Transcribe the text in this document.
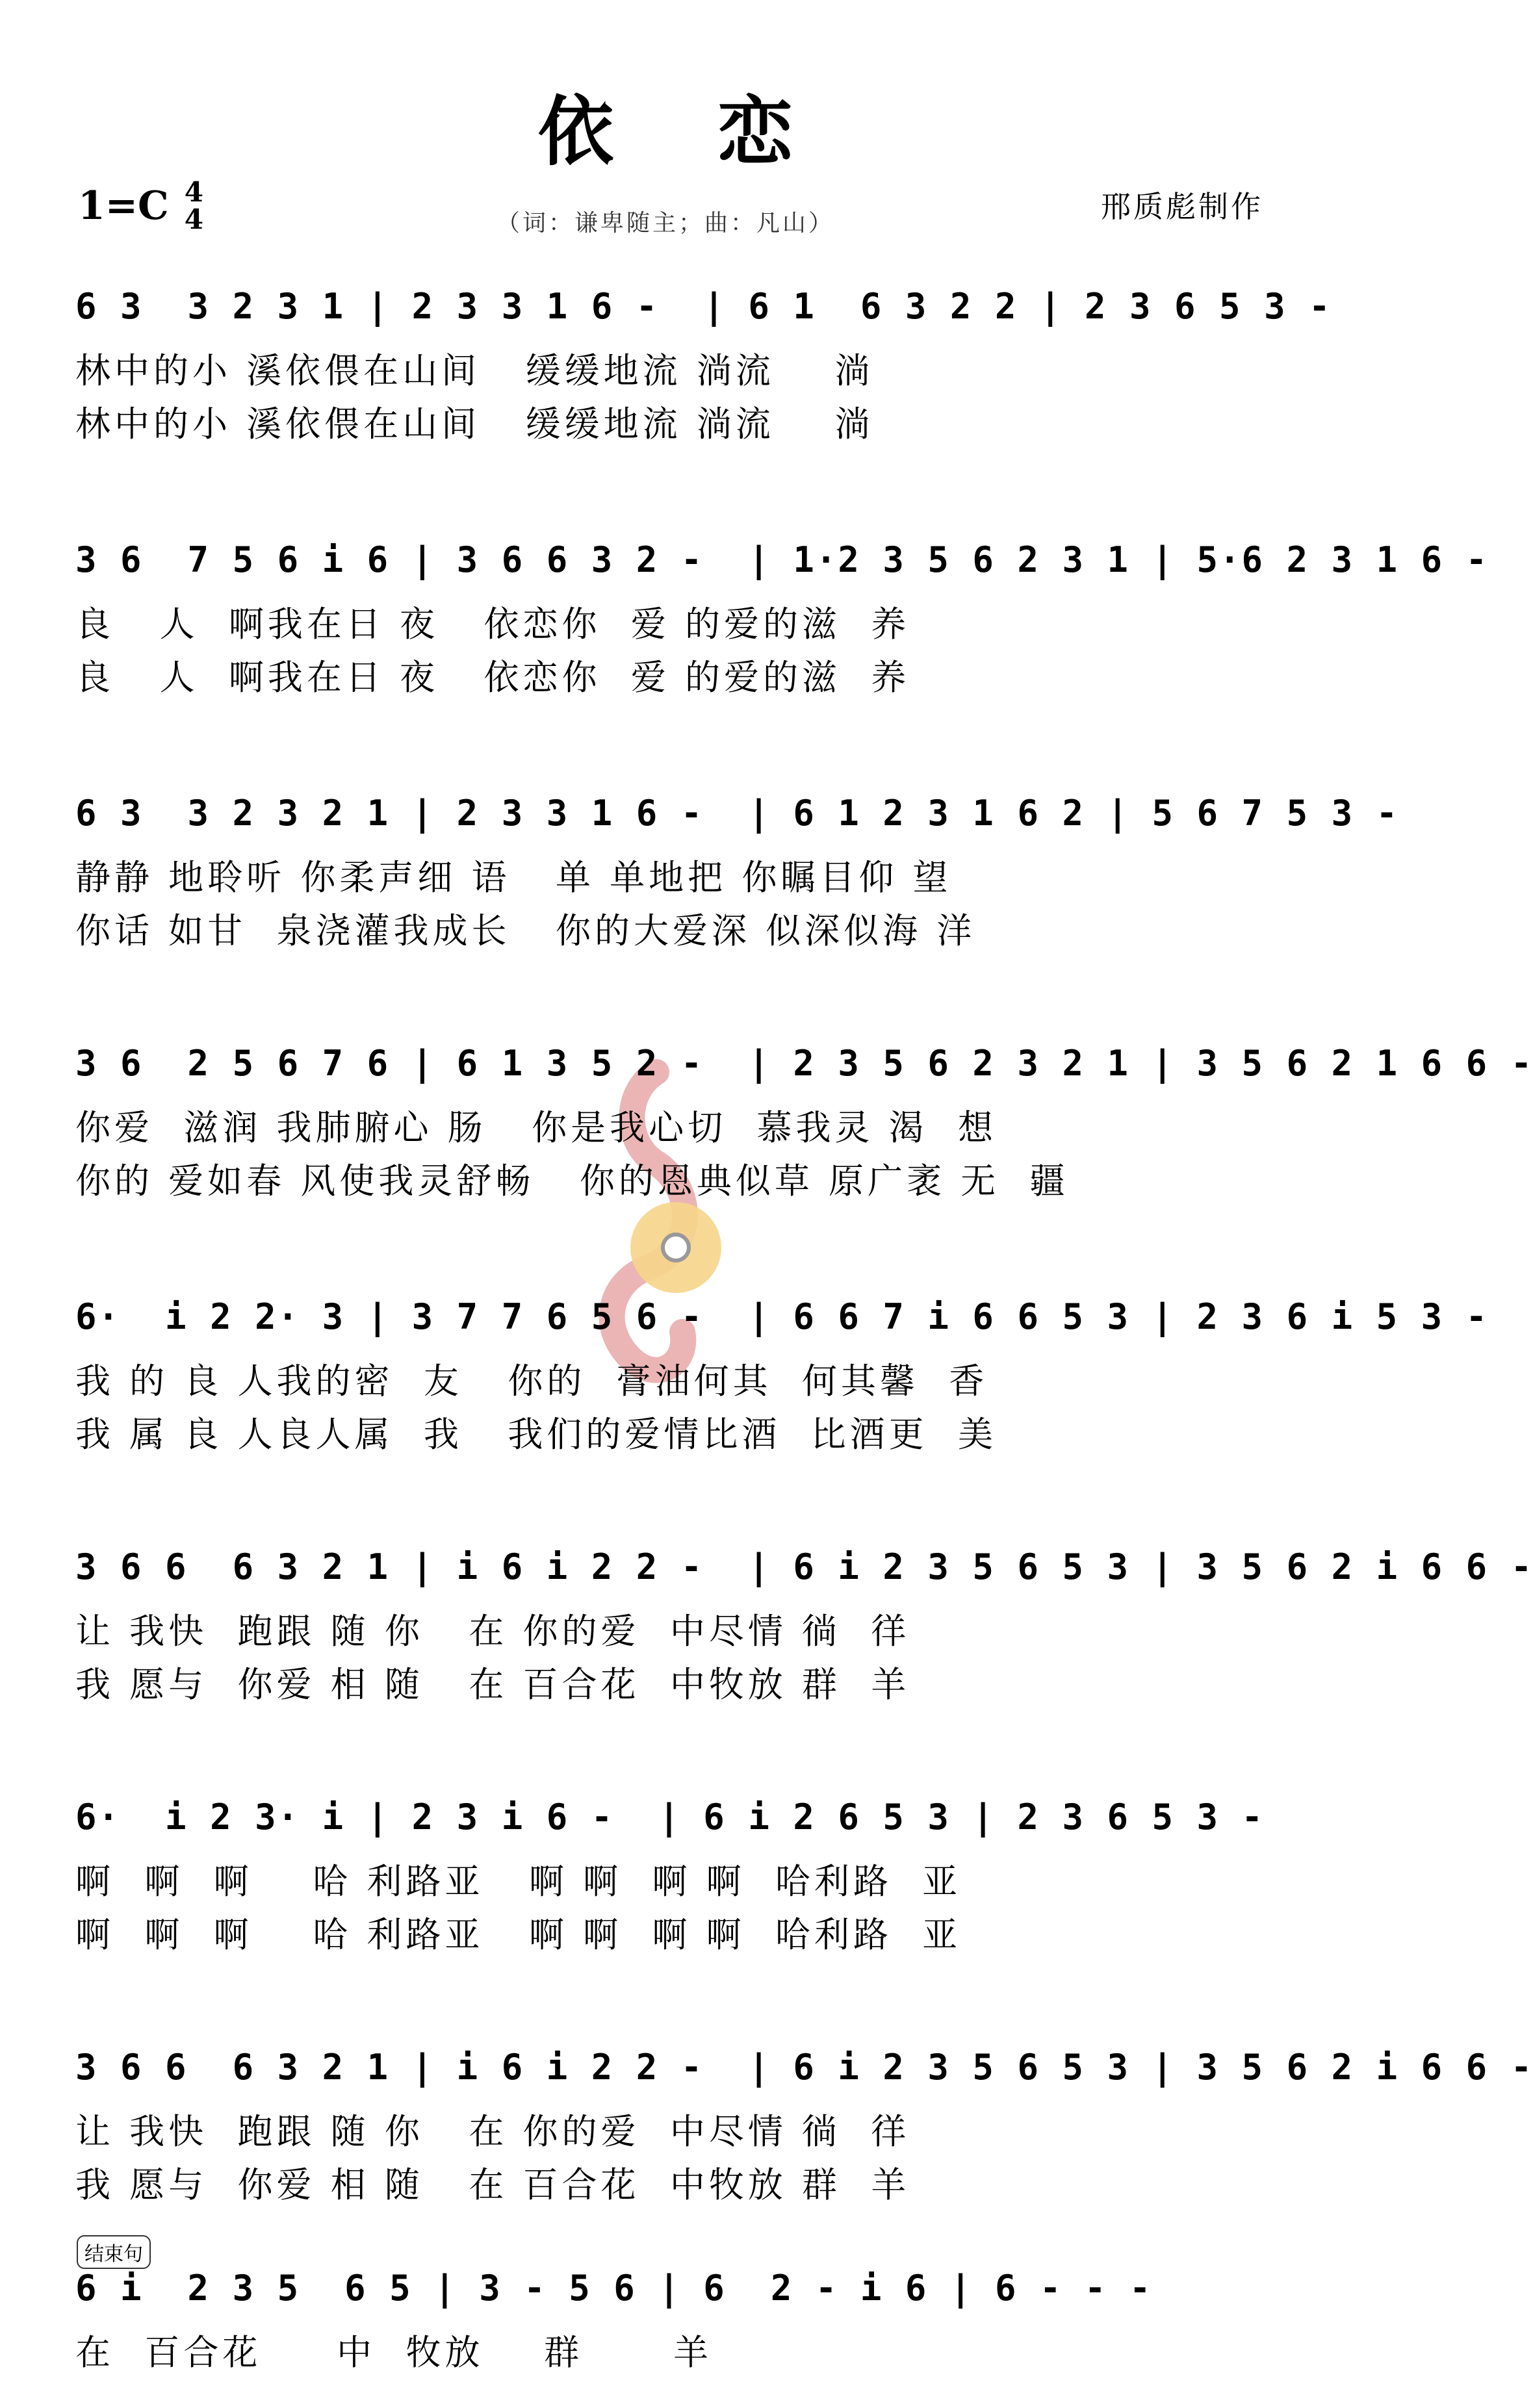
依恋
1=C 4
4	（词：谦卑随主；曲：凡山）	邢质彪制作
6 3  3 2 3 1 | 2 3 3 1 6 -  | 6 1  6 3 2 2 | 2 3 6 5 3 -
林中的小 溪依偎在山间   缓缓地流 淌流    淌
林中的小 溪依偎在山间   缓缓地流 淌流    淌
3 6  7 5 6 i 6 | 3 6 6 3 2 -  | 1·2 3 5 6 2 3 1 | 5·6 2 3 1 6 -
良   人  啊我在日 夜   依恋你  爱 的爱的滋  养
良   人  啊我在日 夜   依恋你  爱 的爱的滋  养
6 3  3 2 3 2 1 | 2 3 3 1 6 -  | 6 1 2 3 1 6 2 | 5 6 7 5 3 -
静静 地聆听 你柔声细 语   单 单地把 你瞩目仰 望
你话 如甘  泉浇灌我成长   你的大爱深 似深似海 洋
3 6  2 5 6 7 6 | 6 1 3 5 2 -  | 2 3 5 6 2 3 2 1 | 3 5 6 2 1 6 6 -
你爱  滋润 我肺腑心 肠   你是我心切  慕我灵 渴  想
你的 爱如春 风使我灵舒畅   你的恩典似草 原广袤 无  疆
6·  i 2 2· 3 | 3 7 7 6 5 6 -  | 6 6 7 i 6 6 5 3 | 2 3 6 i 5 3 -
我 的 良 人我的密  友   你的  膏油何其  何其馨  香
我 属 良 人良人属  我   我们的爱情比酒  比酒更  美
3 6 6  6 3 2 1 | i 6 i 2 2 -  | 6 i 2 3 5 6 5 3 | 3 5 6 2 i 6 6 -
让 我快  跑跟 随 你   在 你的爱  中尽情 徜  徉
我 愿与  你爱 相 随   在 百合花  中牧放 群  羊
6·  i 2 3· i | 2 3 i 6 -  | 6 i 2 6 5 3 | 2 3 6 5 3 -
啊  啊  啊    哈 利路亚   啊 啊  啊 啊  哈利路  亚
啊  啊  啊    哈 利路亚   啊 啊  啊 啊  哈利路  亚
3 6 6  6 3 2 1 | i 6 i 2 2 -  | 6 i 2 3 5 6 5 3 | 3 5 6 2 i 6 6 -
让 我快  跑跟 随 你   在 你的爱  中尽情 徜  徉
我 愿与  你爱 相 随   在 百合花  中牧放 群  羊
6 i  2 3 5  6 5 | 3 - 5 6 | 6  2 - i 6 | 6 - - -
在  百合花     中  牧放    群      羊
结束句
